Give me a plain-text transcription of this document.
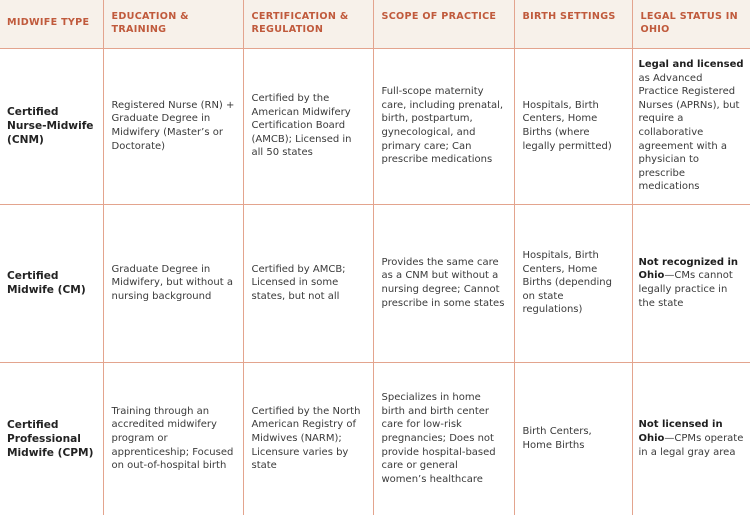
MIDWIFE TYPE	EDUCATION & TRAINING	CERTIFICATION & REGULATION	SCOPE OF PRACTICE	BIRTH SETTINGS	LEGAL STATUS IN OHIO
Certified Nurse-Midwife (CNM)	Registered Nurse (RN) + Graduate Degree in Midwifery (Master’s or Doctorate)	Certified by the American Midwifery Certification Board (AMCB); Licensed in all 50 states	Full-scope maternity care, including prenatal, birth, postpartum, gynecological, and primary care; Can prescribe medications	Hospitals, Birth Centers, Home Births (where legally permitted)	Legal and licensed as Advanced Practice Registered Nurses (APRNs), but require a collaborative agreement with a physician to prescribe medications
Certified Midwife (CM)	Graduate Degree in Midwifery, but without a nursing background	Certified by AMCB; Licensed in some states, but not all	Provides the same care as a CNM but without a nursing degree; Cannot prescribe in some states	Hospitals, Birth Centers, Home Births (depending on state regulations)	Not recognized in Ohio—CMs cannot legally practice in the state
Certified Professional Midwife (CPM)	Training through an accredited midwifery program or apprenticeship; Focused on out-of-hospital birth	Certified by the North American Registry of Midwives (NARM); Licensure varies by state	Specializes in home birth and birth center care for low-risk pregnancies; Does not provide hospital-based care or general women’s healthcare	Birth Centers, Home Births	Not licensed in Ohio—CPMs operate in a legal gray area
